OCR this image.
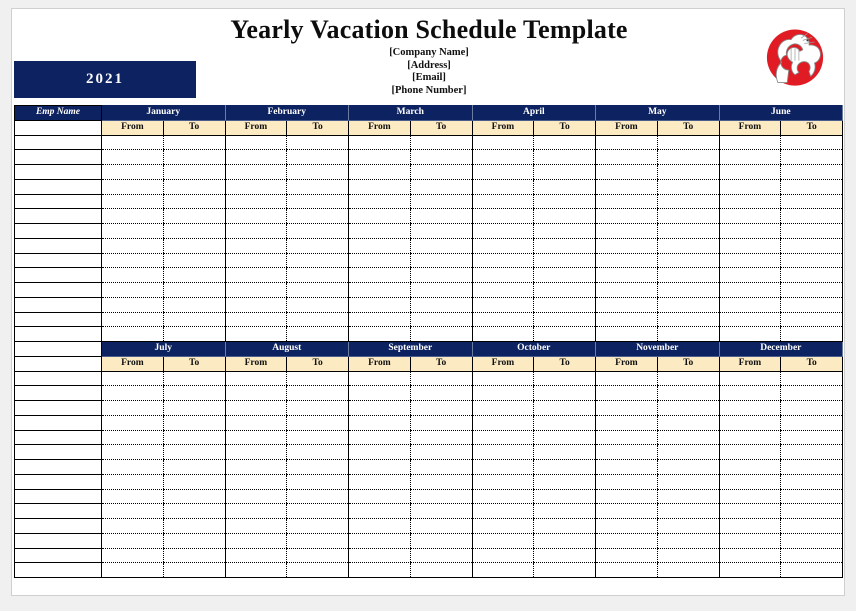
Yearly Vacation Schedule Template
[Company Name]
[Address]
[Email]
[Phone Number]
2021
Emp Name	January		February		March		April		May		June	
	From	To	From	To	From	To	From	To	From	To	From	To

	July		August		September		October		November		December	
	From	To	From	To	From	To	From	To	From	To	From	To
